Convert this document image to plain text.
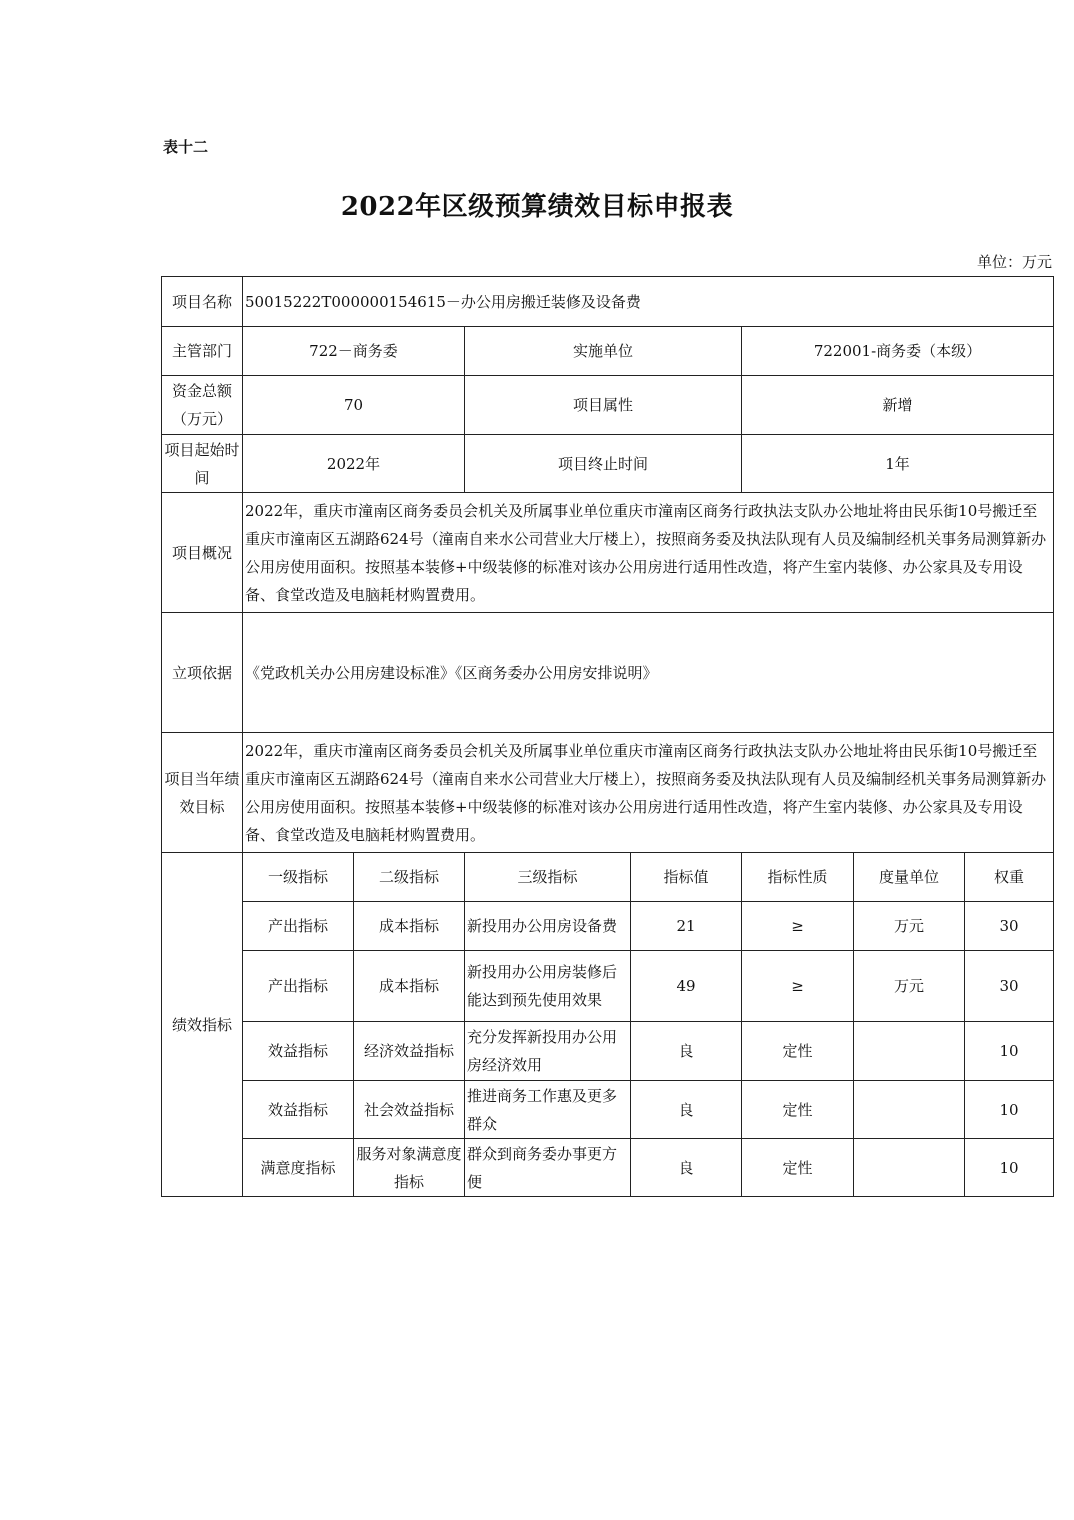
表十二
2022年区级预算绩效目标申报表
单位：万元
项目名称	50015222T000000154615－办公用房搬迁装修及设备费						
主管部门	722－商务委		实施单位		722001-商务委（本级）		
资金总额（万元）	70		项目属性		新增		
项目起始时间	2022年		项目终止时间		1年		
项目概况	2022年，重庆市潼南区商务委员会机关及所属事业单位重庆市潼南区商务行政执法支队办公地址将由民乐街10号搬迁至重庆市潼南区五湖路624号（潼南自来水公司营业大厅楼上），按照商务委及执法队现有人员及编制经机关事务局测算新办公用房使用面积。按照基本装修+中级装修的标准对该办公用房进行适用性改造，将产生室内装修、办公家具及专用设备、食堂改造及电脑耗材购置费用。						
立项依据	《党政机关办公用房建设标准》《区商务委办公用房安排说明》						
项目当年绩效目标	2022年，重庆市潼南区商务委员会机关及所属事业单位重庆市潼南区商务行政执法支队办公地址将由民乐街10号搬迁至重庆市潼南区五湖路624号（潼南自来水公司营业大厅楼上），按照商务委及执法队现有人员及编制经机关事务局测算新办公用房使用面积。按照基本装修+中级装修的标准对该办公用房进行适用性改造，将产生室内装修、办公家具及专用设备、食堂改造及电脑耗材购置费用。						
绩效指标	一级指标	二级指标	三级指标	指标值	指标性质	度量单位	权重
	产出指标	成本指标	新投用办公用房设备费	21	≥	万元	30
	产出指标	成本指标	新投用办公用房装修后能达到预先使用效果	49	≥	万元	30
	效益指标	经济效益指标	充分发挥新投用办公用房经济效用	良	定性		10
	效益指标	社会效益指标	推进商务工作惠及更多群众	良	定性		10
	满意度指标	服务对象满意度指标	群众到商务委办事更方便	良	定性		10
